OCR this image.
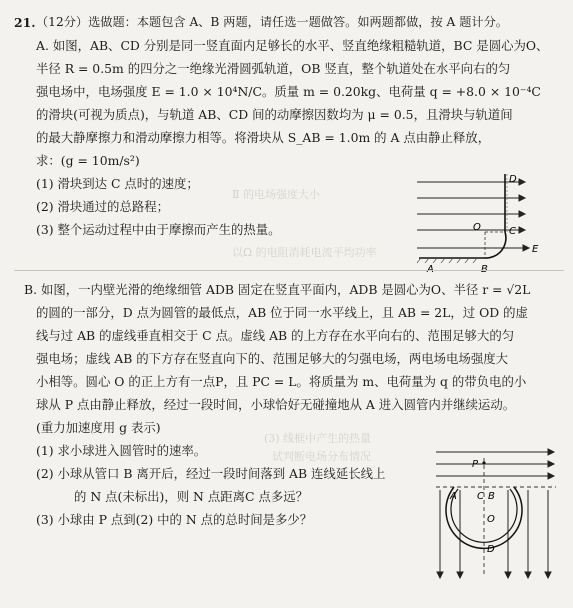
Ⅱ 的电场强度大小
以Ω 的电阻消耗电流平均功率
(3) 线框中产生的热量
试判断电场分布情况
21. （12分）选做题：本题包含 A、B 两题，请任选一题做答。如两题都做，按 A 题计分。
A. 如图，AB、CD 分别是同一竖直面内足够长的水平、竖直绝缘粗糙轨道，BC 是圆心为O、
半径 R = 0.5m 的四分之一绝缘光滑圆弧轨道，OB 竖直，整个轨道处在水平向右的匀
强电场中，电场强度 E = 1.0 × 10⁴N/C。质量 m = 0.20kg、电荷量 q = +8.0 × 10⁻⁴C
的滑块(可视为质点)，与轨道 AB、CD 间的动摩擦因数均为 μ = 0.5，且滑块与轨道间
的最大静摩擦力和滑动摩擦力相等。将滑块从 S_AB = 1.0m 的 A 点由静止释放，
求：(g = 10m/s²)
(1) 滑块到达 C 点时的速度；
(2) 滑块通过的总路程；
(3) 整个运动过程中由于摩擦而产生的热量。
D
O	C
E
A	B
B. 如图，一内壁光滑的绝缘细管 ADB 固定在竖直平面内，ADB 是圆心为O、半径 r = √2L
的圆的一部分，D 点为圆管的最低点，AB 位于同一水平线上，且 AB = 2L，过 OD 的虚
线与过 AB 的虚线垂直相交于 C 点。虚线 AB 的上方存在水平向右的、范围足够大的匀
强电场；虚线 AB 的下方存在竖直向下的、范围足够大的匀强电场，两电场电场强度大
小相等。圆心 O 的正上方有一点P，且 PC = L。将质量为 m、电荷量为 q 的带负电的小
球从 P 点由静止释放，经过一段时间，小球恰好无碰撞地从 A 进入圆管内并继续运动。
(重力加速度用 g 表示)
(1) 求小球进入圆管时的速率。
(2) 小球从管口 B 离开后，经过一段时间落到 AB 连线延长线上
的 N 点(未标出)，则 N 点距离C 点多远？
(3) 小球由 P 点到(2) 中的 N 点的总时间是多少？
P
A C B
O
D
